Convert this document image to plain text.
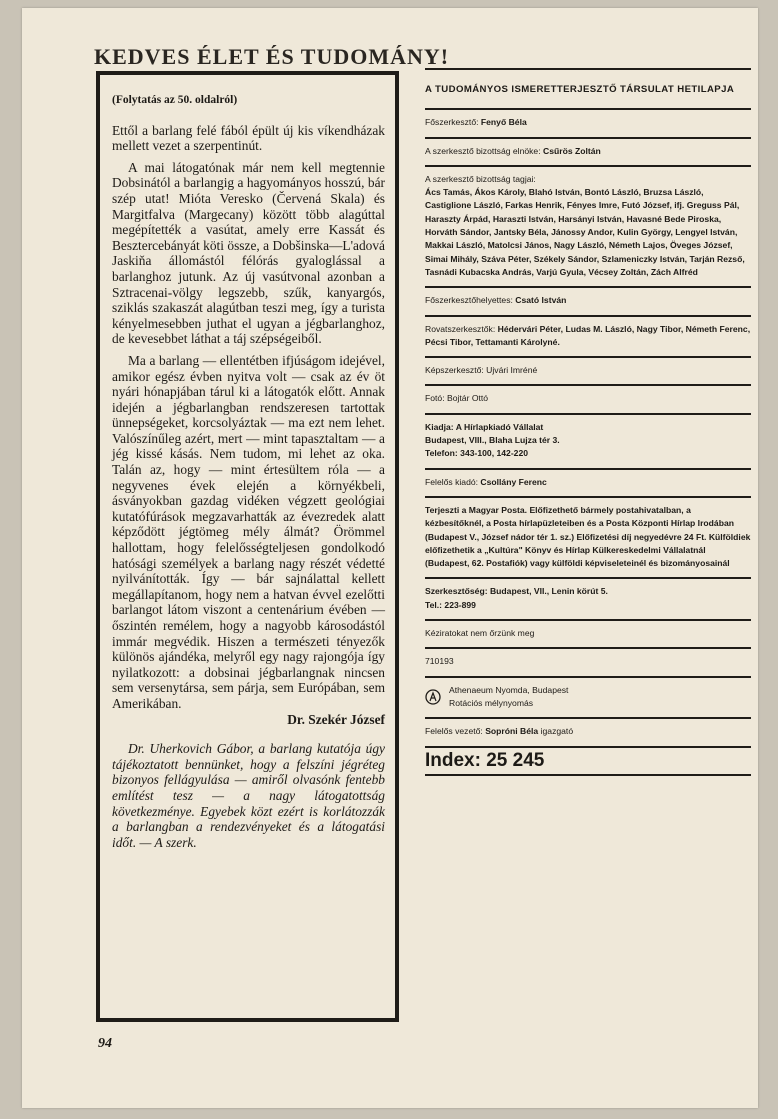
KEDVES ÉLET ÉS TUDOMÁNY!

(Folytatás az 50. oldalról)

Ettől a barlang felé fából épült új kis víkendházak mellett vezet a szerpentinút.

A mai látogatónak már nem kell megtennie Dobsinától a barlangig a hagyományos hosszú, bár szép utat! Mióta Veresko (Červená Skala) és Margitfalva (Margecany) között több alagúttal megépítették a vasútat, amely erre Kassát és Besztercebányát köti össze, a Dobšinska—L'adová Jaskiňa állomástól félórás gyaloglással a barlanghoz jutunk. Az új vasútvonal azonban a Sztracenai-völgy legszebb, szűk, kanyargós, sziklás szakaszát alagútban teszi meg, így a turista kényelmesebben juthat el ugyan a jégbarlanghoz, de kevesebbet láthat a táj szépségeiből.

Ma a barlang — ellentétben ifjúságom idejével, amikor egész évben nyitva volt — csak az év öt nyári hónapjában tárul ki a látogatók előtt. Annak idején a jégbarlangban rendszeresen tartottak ünnepségeket, korcsolyáztak — ma ezt nem lehet. Valószínűleg azért, mert — mint tapasztaltam — a jég kissé kásás. Nem tudom, mi lehet az oka. Talán az, hogy — mint értesültem róla — a negyvenes évek elején a környékbeli, ásványokban gazdag vidéken végzett geológiai kutatófúrások megzavarhatták az évezredek alatt képződött jégtömeg mély álmát? Örömmel hallottam, hogy felelősségteljesen gondolkodó hatósági személyek a barlang nagy részét védetté nyilvánították. Így — bár sajnálattal kellett megállapítanom, hogy nem a hatvan évvel ezelőtti barlangot látom viszont a centenárium évében — őszintén remélem, hogy a nagyobb károsodástól immár megvédik. Hiszen a természeti tényezők különös ajándéka, melyről egy nagy rajongója így nyilatkozott: a dobsinai jégbarlangnak nincsen sem versenytársa, sem párja, sem Európában, sem Amerikában.

Dr. Szekér József

Dr. Uherkovich Gábor, a barlang kutatója úgy tájékoztatott bennünket, hogy a felszíni jégréteg bizonyos fellágyulása — amiről olvasónk fentebb említést tesz — a nagy látogatottság következménye. Egyebek közt ezért is korlátozzák a barlangban a rendezvényeket és a látogatási időt. — A szerk.

94
A TUDOMÁNYOS ISMERETTERJESZTŐ TÁRSULAT HETILAPJA
Főszerkesztő: Fenyő Béla
A szerkesztő bizottság elnöke: Csűrös Zoltán
A szerkesztő bizottság tagjai:
Ács Tamás, Ákos Károly, Blahó István, Bontó László, Bruzsa László, Castiglione László, Farkas Henrik, Fényes Imre, Futó József, ifj. Greguss Pál, Haraszty Árpád, Haraszti István, Harsányi István, Havasné Bede Piroska, Horváth Sándor, Jantsky Béla, Jánossy Andor, Kulin György, Lengyel István, Makkai László, Matolcsi János, Nagy László, Németh Lajos, Öveges József, Simai Mihály, Száva Péter, Székely Sándor, Szlameniczky István, Tarján Rezső, Tasnádi Kubacska András, Varjú Gyula, Vécsey Zoltán, Zách Alfréd
Főszerkesztőhelyettes: Csató István
Rovatszerkesztők: Hédervári Péter, Ludas M. László, Nagy Tibor, Németh Ferenc, Pécsi Tibor, Tettamanti Károlyné.
Képszerkesztő: Ujvári Imréné
Fotó: Bojtár Ottó
Kiadja: A Hírlapkiadó Vállalat
Budapest, VIII., Blaha Lujza tér 3.
Telefon: 343-100, 142-220
Felelős kiadó: Csollány Ferenc
Terjeszti a Magyar Posta. Előfizethető bármely postahivatalban, a kézbesítőknél, a Posta hírlapüzleteiben és a Posta Központi Hírlap Irodában (Budapest V., József nádor tér 1. sz.) Előfizetési díj negyedévre 24 Ft. Külföldiek előfizethetik a „Kultúra" Könyv és Hírlap Külkereskedelmi Vállalatnál (Budapest, 62. Postafiók) vagy külföldi képviseleteinél és bizományosainál
Szerkesztőség: Budapest, VII., Lenin körút 5.
Tel.: 223-899
Kéziratokat nem őrzünk meg
710193
Athenaeum Nyomda, Budapest
Rotációs mélynyomás
Felelős vezető: Sopróni Béla igazgató
Index: 25 245
